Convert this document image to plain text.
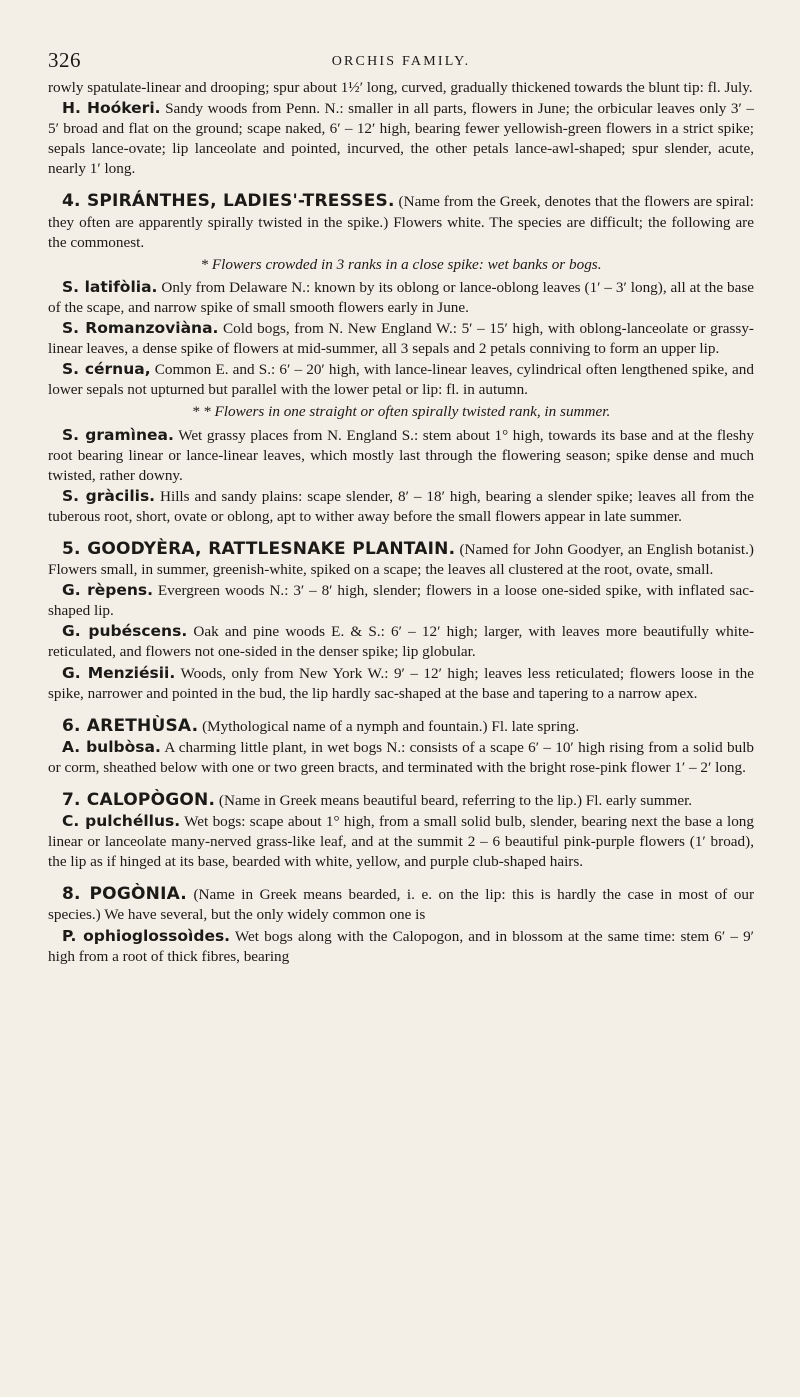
326	ORCHIS FAMILY.

rowly spatulate-linear and drooping; spur about 1½′ long, curved, gradually thickened towards the blunt tip: fl. July.

H. Hoókeri. Sandy woods from Penn. N.: smaller in all parts, flowers in June; the orbicular leaves only 3′ – 5′ broad and flat on the ground; scape naked, 6′ – 12′ high, bearing fewer yellowish-green flowers in a strict spike; sepals lance-ovate; lip lanceolate and pointed, incurved, the other petals lance-awl-shaped; spur slender, acute, nearly 1′ long.

4. SPIRÁNTHES, LADIES'-TRESSES. (Name from the Greek, denotes that the flowers are spiral: they often are apparently spirally twisted in the spike.) Flowers white. The species are difficult; the following are the commonest.

* Flowers crowded in 3 ranks in a close spike: wet banks or bogs.

S. latifòlia. Only from Delaware N.: known by its oblong or lance-oblong leaves (1′ – 3′ long), all at the base of the scape, and narrow spike of small smooth flowers early in June.

S. Romanzoviàna. Cold bogs, from N. New England W.: 5′ – 15′ high, with oblong-lanceolate or grassy-linear leaves, a dense spike of flowers at mid-summer, all 3 sepals and 2 petals conniving to form an upper lip.

S. cérnua, Common E. and S.: 6′ – 20′ high, with lance-linear leaves, cylindrical often lengthened spike, and lower sepals not upturned but parallel with the lower petal or lip: fl. in autumn.

* * Flowers in one straight or often spirally twisted rank, in summer.

S. gramìnea. Wet grassy places from N. England S.: stem about 1° high, towards its base and at the fleshy root bearing linear or lance-linear leaves, which mostly last through the flowering season; spike dense and much twisted, rather downy.

S. gràcilis. Hills and sandy plains: scape slender, 8′ – 18′ high, bearing a slender spike; leaves all from the tuberous root, short, ovate or oblong, apt to wither away before the small flowers appear in late summer.

5. GOODYÈRA, RATTLESNAKE PLANTAIN. (Named for John Goodyer, an English botanist.) Flowers small, in summer, greenish-white, spiked on a scape; the leaves all clustered at the root, ovate, small.

G. rèpens. Evergreen woods N.: 3′ – 8′ high, slender; flowers in a loose one-sided spike, with inflated sac-shaped lip.

G. pubéscens. Oak and pine woods E. & S.: 6′ – 12′ high; larger, with leaves more beautifully white-reticulated, and flowers not one-sided in the denser spike; lip globular.

G. Menziésii. Woods, only from New York W.: 9′ – 12′ high; leaves less reticulated; flowers loose in the spike, narrower and pointed in the bud, the lip hardly sac-shaped at the base and tapering to a narrow apex.

6. ARETHÙSA. (Mythological name of a nymph and fountain.) Fl. late spring.

A. bulbòsa. A charming little plant, in wet bogs N.: consists of a scape 6′ – 10′ high rising from a solid bulb or corm, sheathed below with one or two green bracts, and terminated with the bright rose-pink flower 1′ – 2′ long.

7. CALOPÒGON. (Name in Greek means beautiful beard, referring to the lip.) Fl. early summer.

C. pulchéllus. Wet bogs: scape about 1° high, from a small solid bulb, slender, bearing next the base a long linear or lanceolate many-nerved grass-like leaf, and at the summit 2 – 6 beautiful pink-purple flowers (1′ broad), the lip as if hinged at its base, bearded with white, yellow, and purple club-shaped hairs.

8. POGÒNIA. (Name in Greek means bearded, i. e. on the lip: this is hardly the case in most of our species.) We have several, but the only widely common one is

P. ophioglossoìdes. Wet bogs along with the Calopogon, and in blossom at the same time: stem 6′ – 9′ high from a root of thick fibres, bearing
